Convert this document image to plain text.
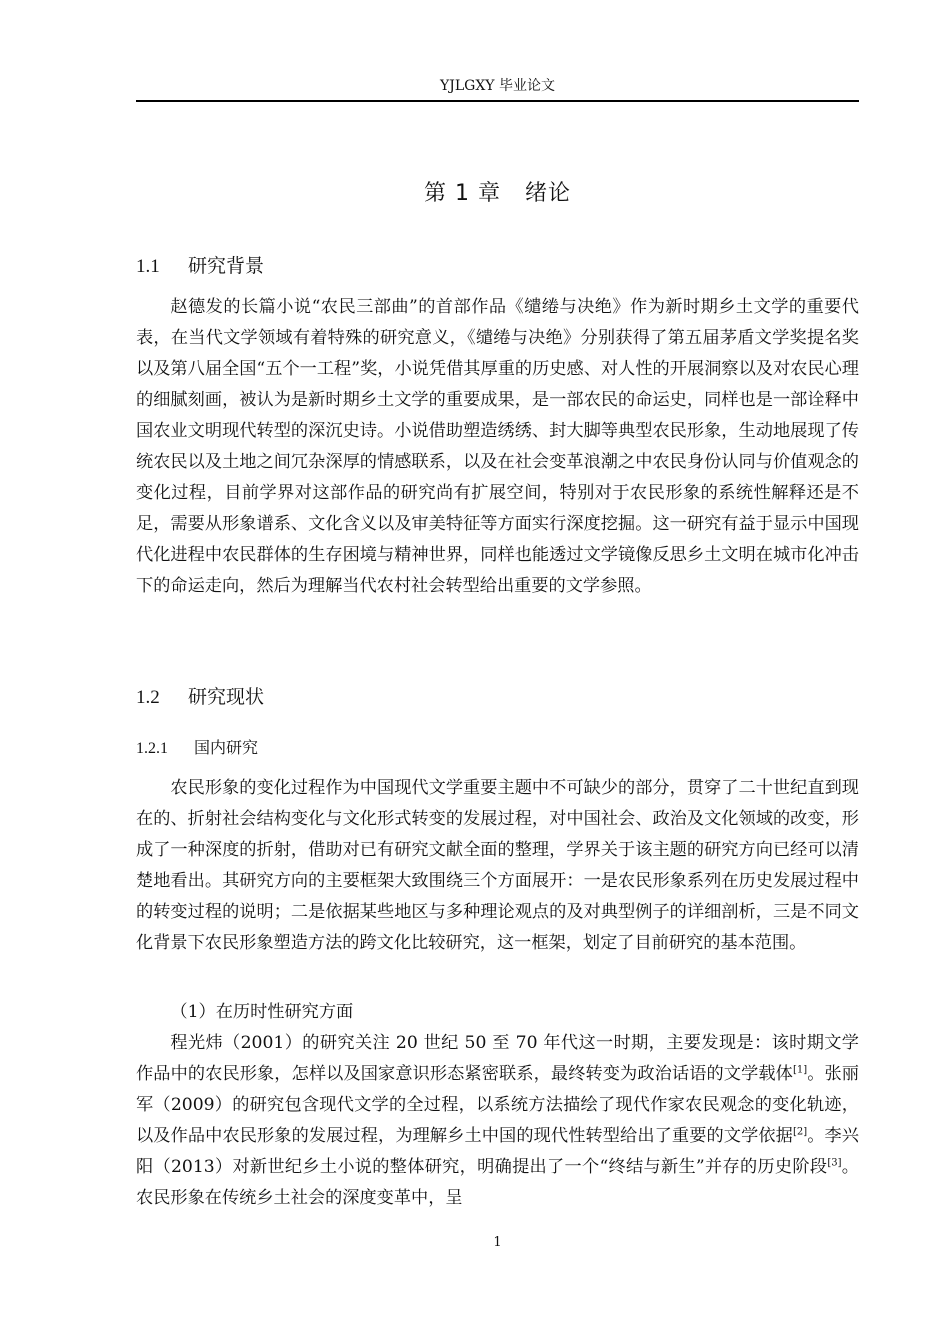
YJLGXY 毕业论文
第 1 章 绪论
1.1 研究背景

赵德发的长篇小说“农民三部曲”的首部作品《缱绻与决绝》作为新时期乡土文学的重要代表，在当代文学领域有着特殊的研究意义，《缱绻与决绝》分别获得了第五届茅盾文学奖提名奖以及第八届全国“五个一工程”奖，小说凭借其厚重的历史感、对人性的开展洞察以及对农民心理的细腻刻画，被认为是新时期乡土文学的重要成果，是一部农民的命运史，同样也是一部诠释中国农业文明现代转型的深沉史诗。小说借助塑造绣绣、封大脚等典型农民形象，生动地展现了传统农民以及土地之间冗杂深厚的情感联系，以及在社会变革浪潮之中农民身份认同与价值观念的变化过程，目前学界对这部作品的研究尚有扩展空间，特别对于农民形象的系统性解释还是不足，需要从形象谱系、文化含义以及审美特征等方面实行深度挖掘。这一研究有益于显示中国现代化进程中农民群体的生存困境与精神世界，同样也能透过文学镜像反思乡土文明在城市化冲击下的命运走向，然后为理解当代农村社会转型给出重要的文学参照。

1.2 研究现状
1.2.1 国内研究

农民形象的变化过程作为中国现代文学重要主题中不可缺少的部分，贯穿了二十世纪直到现在的、折射社会结构变化与文化形式转变的发展过程，对中国社会、政治及文化领域的改变，形成了一种深度的折射，借助对已有研究文献全面的整理，学界关于该主题的研究方向已经可以清楚地看出。其研究方向的主要框架大致围绕三个方面展开：一是农民形象系列在历史发展过程中的转变过程的说明；二是依据某些地区与多种理论观点的及对典型例子的详细剖析，三是不同文化背景下农民形象塑造方法的跨文化比较研究，这一框架，划定了目前研究的基本范围。

（1）在历时性研究方面

程光炜（2001）的研究关注 20 世纪 50 至 70 年代这一时期，主要发现是：该时期文学作品中的农民形象，怎样以及国家意识形态紧密联系，最终转变为政治话语的文学载体[1]。张丽军（2009）的研究包含现代文学的全过程，以系统方法描绘了现代作家农民观念的变化轨迹，以及作品中农民形象的发展过程，为理解乡土中国的现代性转型给出了重要的文学依据[2]。李兴阳（2013）对新世纪乡土小说的整体研究，明确提出了一个“终结与新生”并存的历史阶段[3]。农民形象在传统乡土社会的深度变革中，呈

1
